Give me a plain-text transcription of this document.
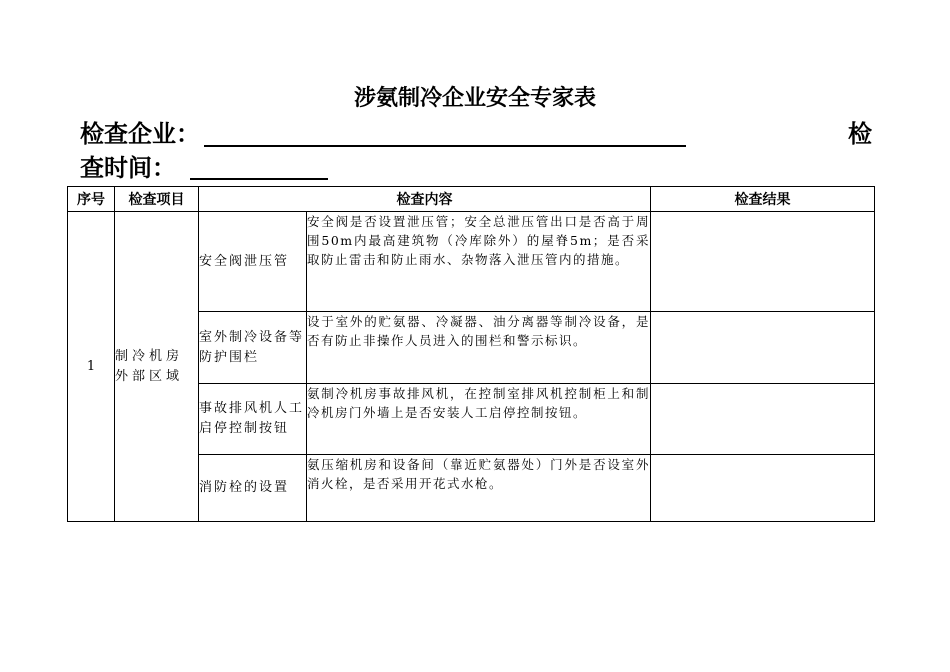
涉氨制冷企业安全专家表
检查企业：	检
查时间：
序号	检查项目	检查内容		检查结果
1	制冷机房外部区域	安全阀泄压管	安全阀是否设置泄压管；安全总泄压管出口是否高于周围50m内最高建筑物（冷库除外）的屋脊5m；是否采取防止雷击和防止雨水、杂物落入泄压管内的措施。	
		室外制冷设备等防护围栏	设于室外的贮氨器、冷凝器、油分离器等制冷设备，是否有防止非操作人员进入的围栏和警示标识。	
		事故排风机人工启停控制按钮	氨制冷机房事故排风机，在控制室排风机控制柜上和制冷机房门外墙上是否安装人工启停控制按钮。	
		消防栓的设置	氨压缩机房和设备间（靠近贮氨器处）门外是否设室外消火栓，是否采用开花式水枪。	
